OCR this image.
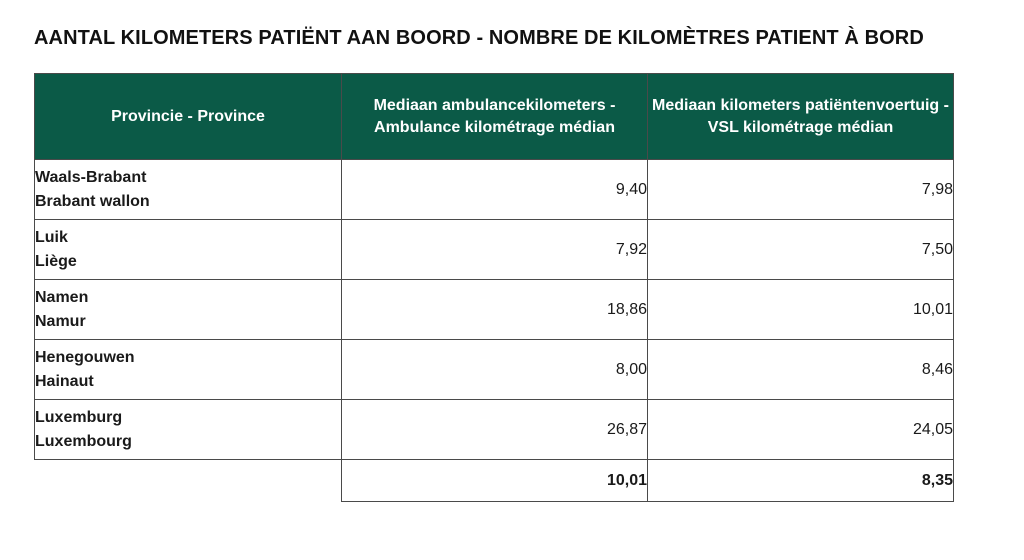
AANTAL KILOMETERS PATIËNT AAN BOORD - NOMBRE DE KILOMÈTRES PATIENT À BORD
Provincie - Province	Mediaan ambulancekilometers - Ambulance kilométrage médian	Mediaan kilometers patiëntenvoertuig - VSL kilométrage médian

Waals-Brabant
Brabant wallon	9,40	7,98

Luik
Liège	7,92	7,50

Namen
Namur	18,86	10,01

Henegouwen
Hainaut	8,00	8,46

Luxemburg
Luxembourg	26,87	24,05
	10,01	8,35
